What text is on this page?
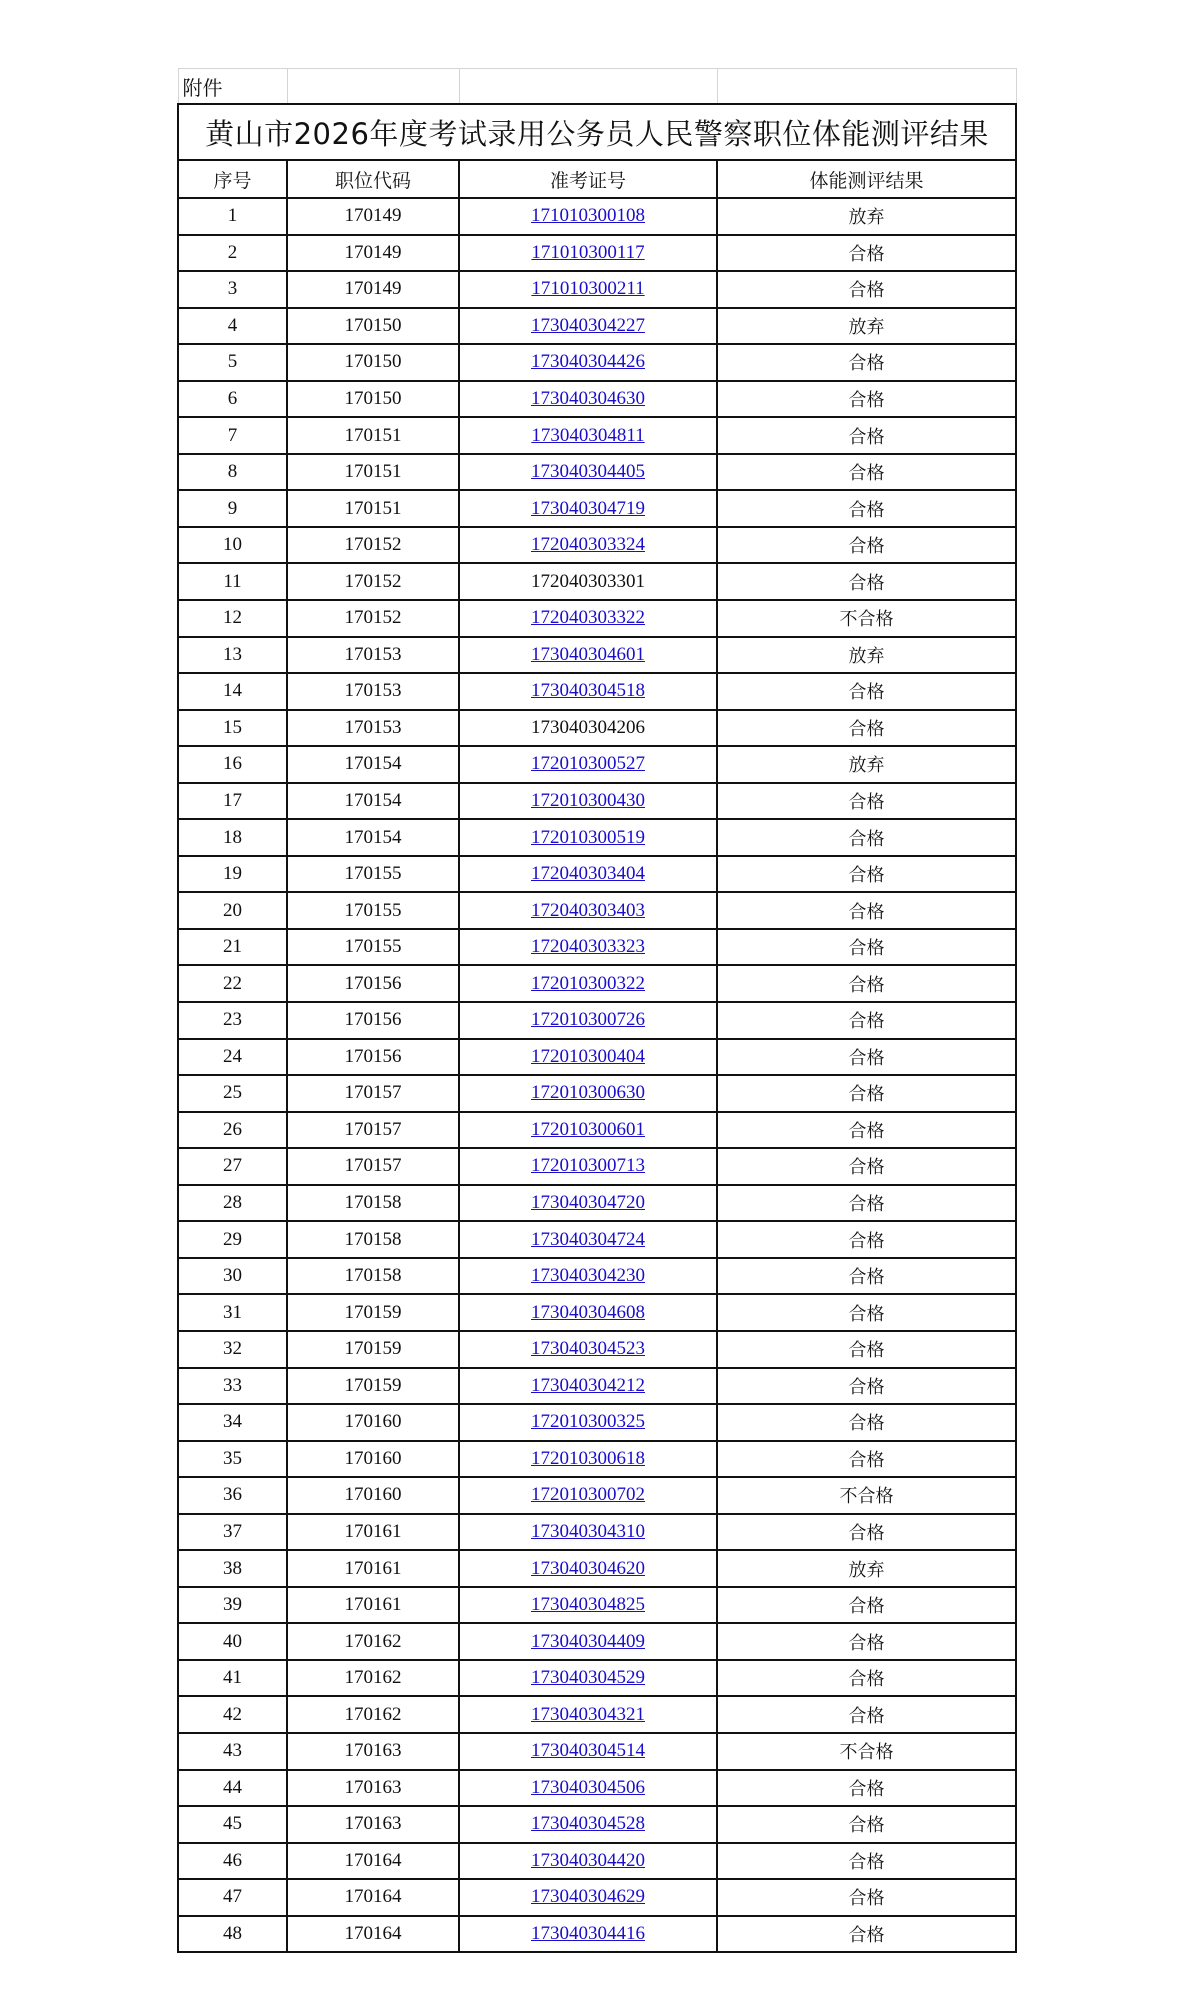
附件			
黄山市2026年度考试录用公务员人民警察职位体能测评结果			
序号	职位代码	准考证号	体能测评结果
1	170149	171010300108	放弃
2	170149	171010300117	合格
3	170149	171010300211	合格
4	170150	173040304227	放弃
5	170150	173040304426	合格
6	170150	173040304630	合格
7	170151	173040304811	合格
8	170151	173040304405	合格
9	170151	173040304719	合格
10	170152	172040303324	合格
11	170152	172040303301	合格
12	170152	172040303322	不合格
13	170153	173040304601	放弃
14	170153	173040304518	合格
15	170153	173040304206	合格
16	170154	172010300527	放弃
17	170154	172010300430	合格
18	170154	172010300519	合格
19	170155	172040303404	合格
20	170155	172040303403	合格
21	170155	172040303323	合格
22	170156	172010300322	合格
23	170156	172010300726	合格
24	170156	172010300404	合格
25	170157	172010300630	合格
26	170157	172010300601	合格
27	170157	172010300713	合格
28	170158	173040304720	合格
29	170158	173040304724	合格
30	170158	173040304230	合格
31	170159	173040304608	合格
32	170159	173040304523	合格
33	170159	173040304212	合格
34	170160	172010300325	合格
35	170160	172010300618	合格
36	170160	172010300702	不合格
37	170161	173040304310	合格
38	170161	173040304620	放弃
39	170161	173040304825	合格
40	170162	173040304409	合格
41	170162	173040304529	合格
42	170162	173040304321	合格
43	170163	173040304514	不合格
44	170163	173040304506	合格
45	170163	173040304528	合格
46	170164	173040304420	合格
47	170164	173040304629	合格
48	170164	173040304416	合格
